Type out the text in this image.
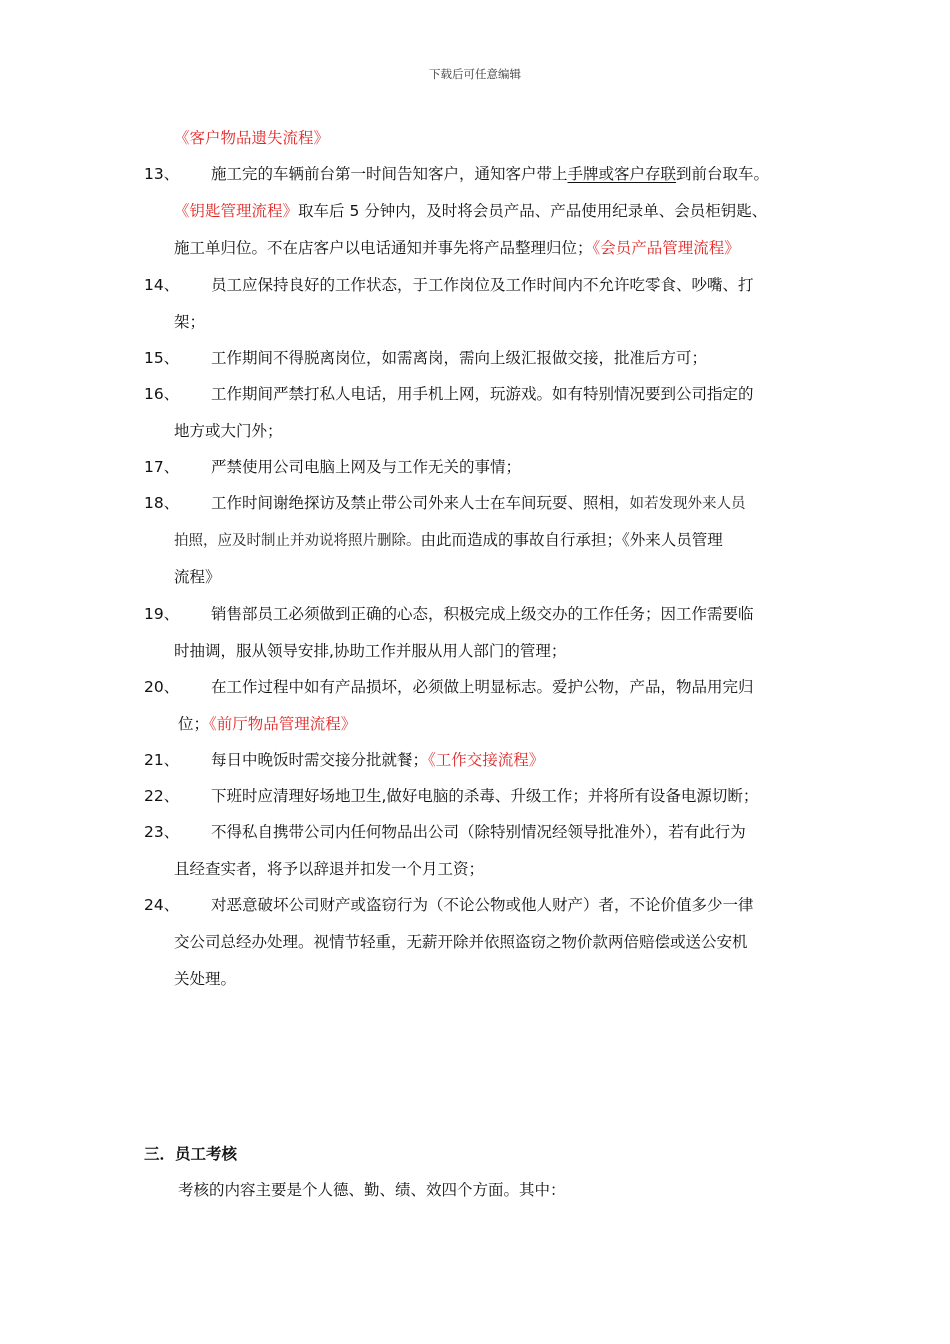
下载后可任意编辑
《客户物品遗失流程》
13、 施工完的车辆前台第一时间告知客户，通知客户带上手牌或客户存联到前台取车。
《钥匙管理流程》取车后 5 分钟内，及时将会员产品、产品使用纪录单、会员柜钥匙、
施工单归位。不在店客户以电话通知并事先将产品整理归位；《会员产品管理流程》
14、 员工应保持良好的工作状态，于工作岗位及工作时间内不允许吃零食、吵嘴、打
架；
15、 工作期间不得脱离岗位，如需离岗，需向上级汇报做交接，批准后方可；
16、 工作期间严禁打私人电话，用手机上网，玩游戏。如有特别情况要到公司指定的
地方或大门外；
17、 严禁使用公司电脑上网及与工作无关的事情；
18、 工作时间谢绝探访及禁止带公司外来人士在车间玩耍、照相，如若发现外来人员
拍照，应及时制止并劝说将照片删除。由此而造成的事故自行承担；《外来人员管理
流程》
19、 销售部员工必须做到正确的心态，积极完成上级交办的工作任务；因工作需要临
时抽调，服从领导安排,协助工作并服从用人部门的管理；
20、 在工作过程中如有产品损坏，必须做上明显标志。爱护公物，产品，物品用完归
位；《前厅物品管理流程》
21、 每日中晚饭时需交接分批就餐；《工作交接流程》
22、 下班时应清理好场地卫生,做好电脑的杀毒、升级工作；并将所有设备电源切断；
23、 不得私自携带公司内任何物品出公司（除特别情况经领导批准外），若有此行为
且经查实者，将予以辞退并扣发一个月工资；
24、 对恶意破坏公司财产或盗窃行为（不论公物或他人财产）者，不论价值多少一律
交公司总经办处理。视情节轻重，无薪开除并依照盗窃之物价款两倍赔偿或送公安机
关处理。
三．员工考核
考核的内容主要是个人德、勤、绩、效四个方面。其中：
